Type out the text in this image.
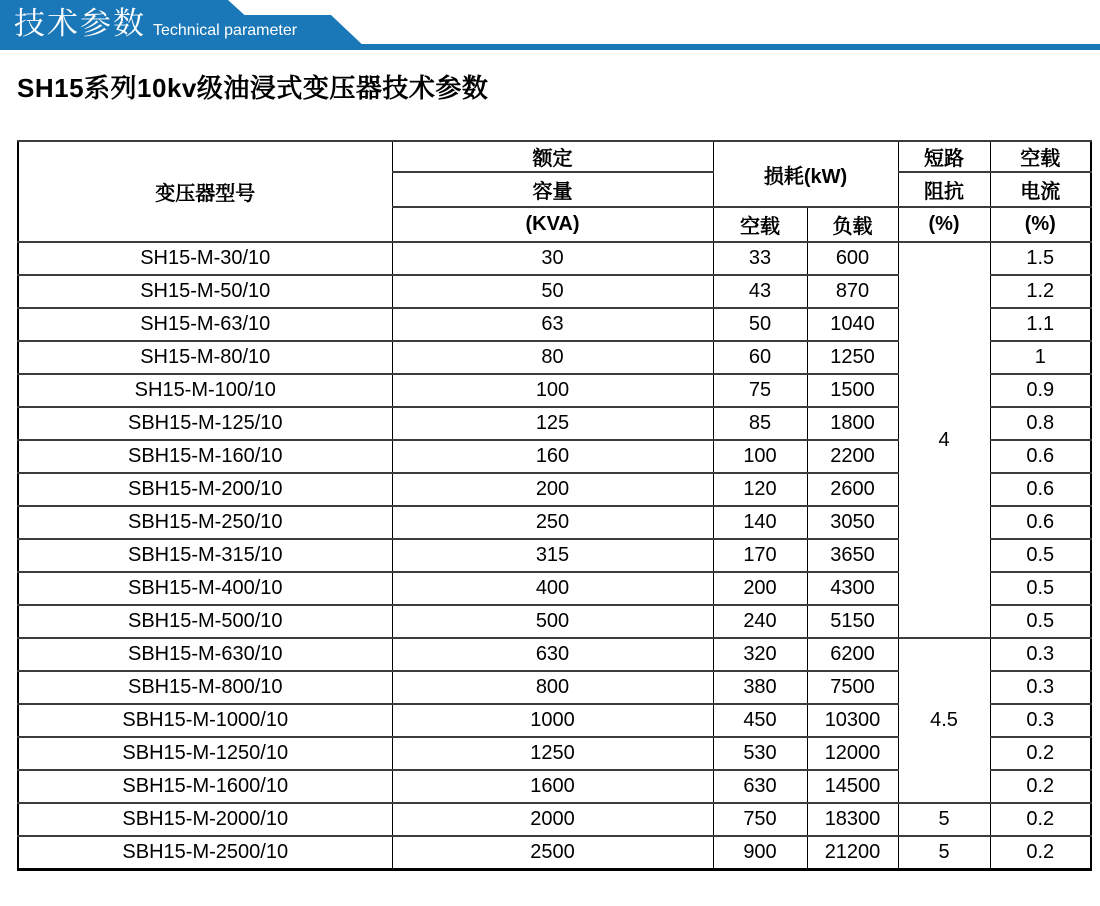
技术参数 Technical parameter
SH15系列10kv级油浸式变压器技术参数
变压器型号	额定	损耗(kW)		短路	空载
	容量			阻抗	电流
	(KVA)	空载	负载	(%)	(%)
SH15-M-30/10	30	33	600	4	1.5
SH15-M-50/10	50	43	870		1.2
SH15-M-63/10	63	50	1040		1.1
SH15-M-80/10	80	60	1250		1
SH15-M-100/10	100	75	1500		0.9
SBH15-M-125/10	125	85	1800		0.8
SBH15-M-160/10	160	100	2200		0.6
SBH15-M-200/10	200	120	2600		0.6
SBH15-M-250/10	250	140	3050		0.6
SBH15-M-315/10	315	170	3650		0.5
SBH15-M-400/10	400	200	4300		0.5
SBH15-M-500/10	500	240	5150		0.5
SBH15-M-630/10	630	320	6200	4.5	0.3
SBH15-M-800/10	800	380	7500		0.3
SBH15-M-1000/10	1000	450	10300		0.3
SBH15-M-1250/10	1250	530	12000		0.2
SBH15-M-1600/10	1600	630	14500		0.2
SBH15-M-2000/10	2000	750	18300	5	0.2
SBH15-M-2500/10	2500	900	21200	5	0.2
